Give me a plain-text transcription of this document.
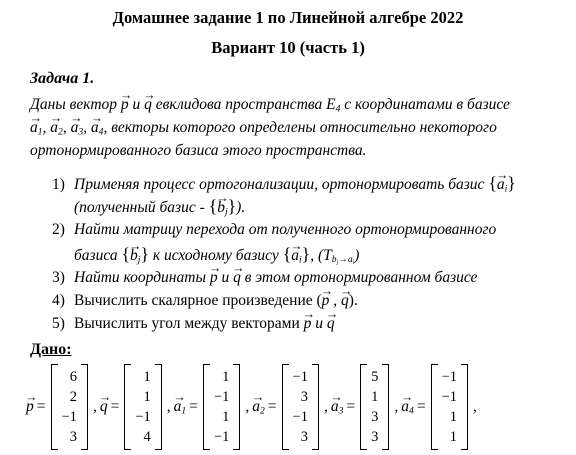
Домашнее задание 1 по Линейной алгебре 2022
Вариант 10 (часть 1)
Задача 1.
Даны вектор → p и → q евклидова пространства $E_4$ с координатами в базисе
→ $a_1$, → $a_2$, → $a_3$, → $a_4$, векторы которого определены относительно некоторого
ортонормированного базиса этого пространства.
1) Применяя процесс ортогонализации, ортонормировать базис {→ $a_i$}
(полученный базис - {→ $b_j$}).
2) Найти матрицу перехода от полученного ортонормированного
базиса {→ $b_j$} к исходному базису {→ $a_i$}, $(T_{b_j\to a_i})$
3) Найти координаты → p и → q в этом ортонормированном базисе
4) Вычислить скалярное произведение (→ p , → q).
5) Вычислить угол между векторами → p и → q
Дано:
→ p =
6
2
−1
3
, → q =
1
1
−1
4
, → $a_1$ =
1
−1
1
−1
, → $a_2$ =
−1
3
−1
3
, → $a_3$ =
5
1
3
3
, → $a_4$ =
−1
−1
1
1
,
